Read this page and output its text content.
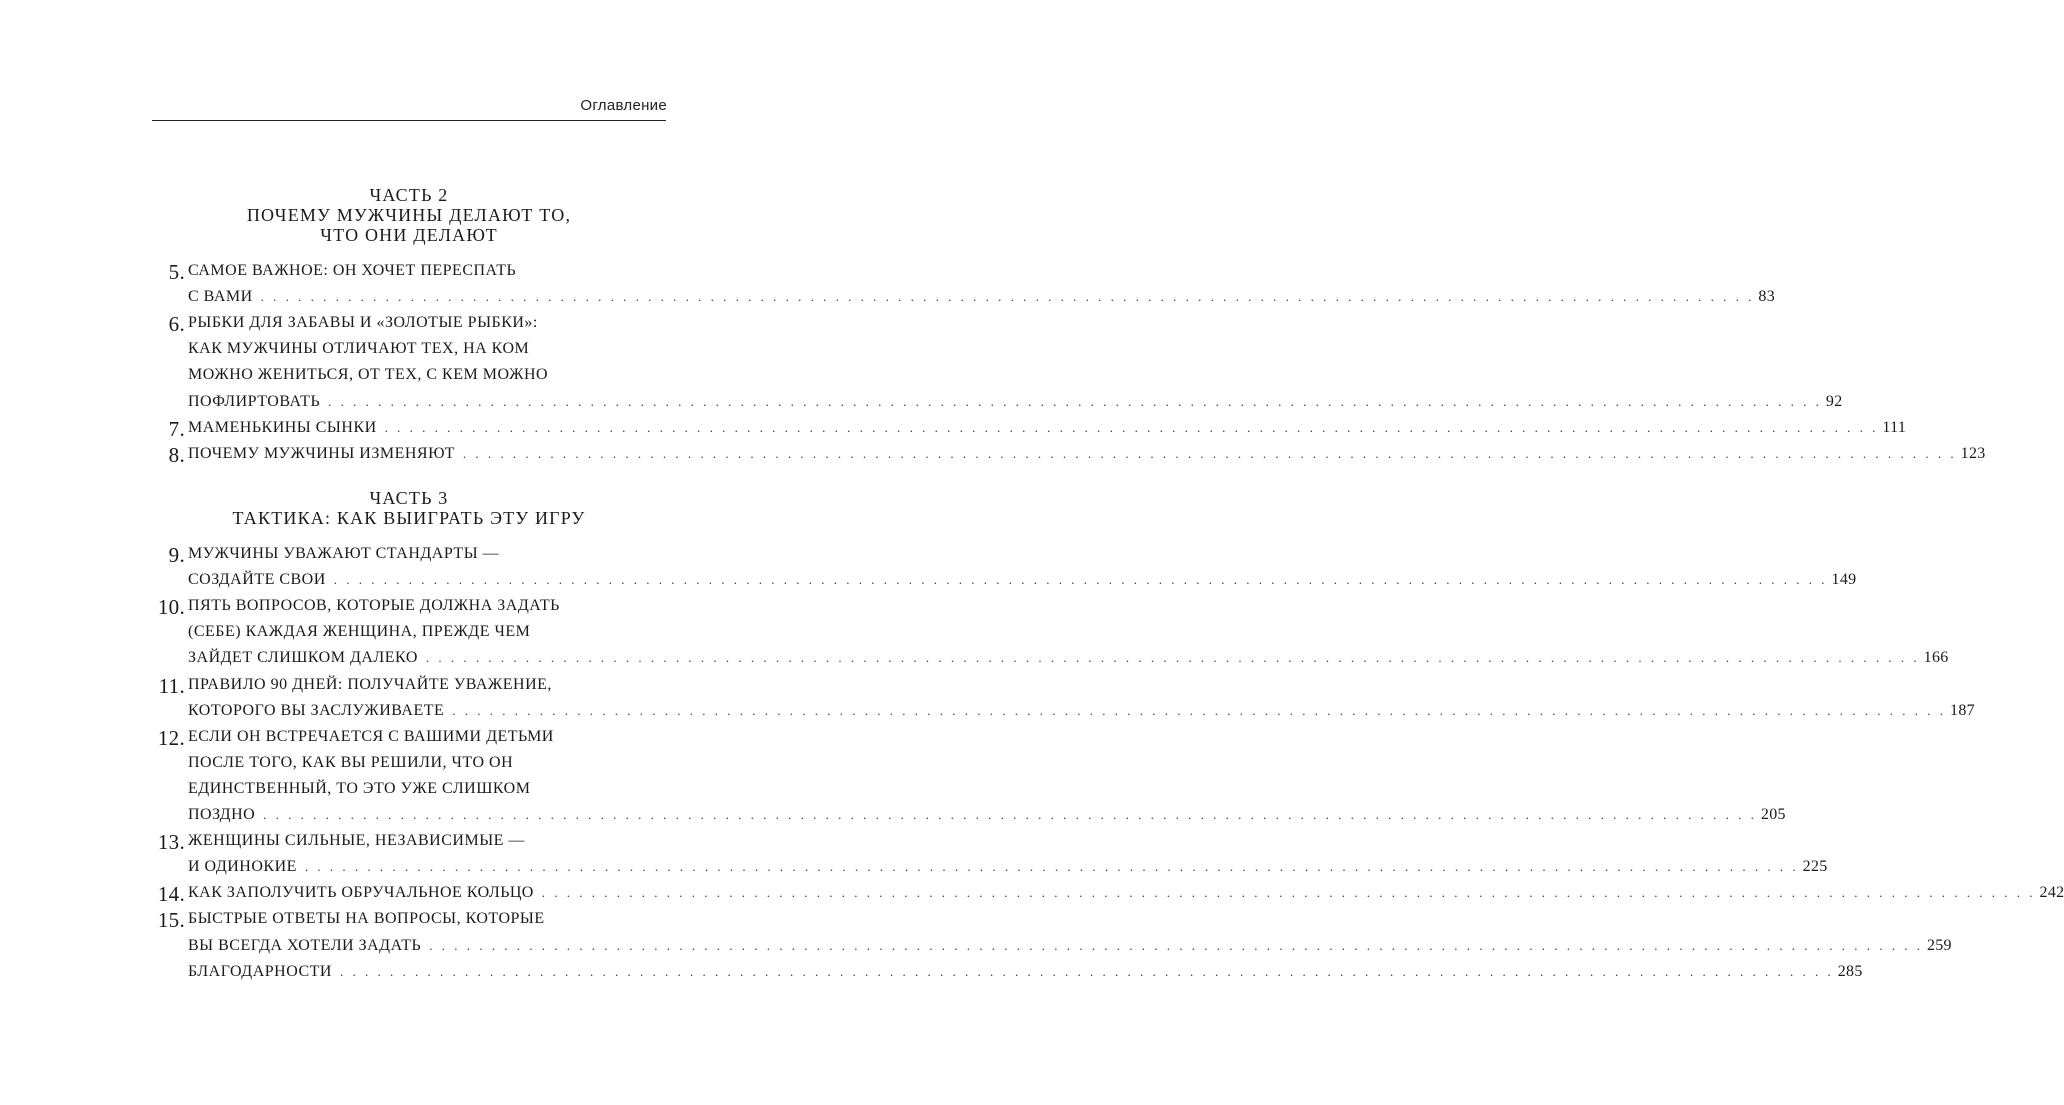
Оглавление
ЧАСТЬ 2
ПОЧЕМУ МУЖЧИНЫ ДЕЛАЮТ ТО,
ЧТО ОНИ ДЕЛАЮТ
ЧАСТЬ 3
ТАКТИКА: КАК ВЫИГРАТЬ ЭТУ ИГРУ
5. САМОЕ ВАЖНОЕ: ОН ХОЧЕТ ПЕРЕСПАТЬ
С ВАМИ . . . . . . . . . . . . . . . . . . . . . . . . . . . . . . . . . . . . . . . . . . . . . . . . . . . . . . . . . . . . . . . . . . . . . . . . . . . . . . . . . . . . . . . . . . . . . . . . . . . . . . . . . . . . . . . . . . . . . . . . 83
6. РЫБКИ ДЛЯ ЗАБАВЫ И «ЗОЛОТЫЕ РЫБКИ»:
КАК МУЖЧИНЫ ОТЛИЧАЮТ ТЕХ, НА КОМ
МОЖНО ЖЕНИТЬСЯ, ОТ ТЕХ, С КЕМ МОЖНО
ПОФЛИРТОВАТЬ . . . . . . . . . . . . . . . . . . . . . . . . . . . . . . . . . . . . . . . . . . . . . . . . . . . . . . . . . . . . . . . . . . . . . . . . . . . . . . . . . . . . . . . . . . . . . . . . . . . . . . . . . . . . . . . . . . . . . . . . 92
7. МАМЕНЬКИНЫ СЫНКИ . . . . . . . . . . . . . . . . . . . . . . . . . . . . . . . . . . . . . . . . . . . . . . . . . . . . . . . . . . . . . . . . . . . . . . . . . . . . . . . . . . . . . . . . . . . . . . . . . . . . . . . . . . . . . . . . . . . . . . . . 111
8. ПОЧЕМУ МУЖЧИНЫ ИЗМЕНЯЮТ . . . . . . . . . . . . . . . . . . . . . . . . . . . . . . . . . . . . . . . . . . . . . . . . . . . . . . . . . . . . . . . . . . . . . . . . . . . . . . . . . . . . . . . . . . . . . . . . . . . . . . . . . . . . . . . . . . . . . . . . 123
9. МУЖЧИНЫ УВАЖАЮТ СТАНДАРТЫ —
СОЗДАЙТЕ СВОИ . . . . . . . . . . . . . . . . . . . . . . . . . . . . . . . . . . . . . . . . . . . . . . . . . . . . . . . . . . . . . . . . . . . . . . . . . . . . . . . . . . . . . . . . . . . . . . . . . . . . . . . . . . . . . . . . . . . . . . . . 149
10. ПЯТЬ ВОПРОСОВ, КОТОРЫЕ ДОЛЖНА ЗАДАТЬ
(СЕБЕ) КАЖДАЯ ЖЕНЩИНА, ПРЕЖДЕ ЧЕМ
ЗАЙДЕТ СЛИШКОМ ДАЛЕКО . . . . . . . . . . . . . . . . . . . . . . . . . . . . . . . . . . . . . . . . . . . . . . . . . . . . . . . . . . . . . . . . . . . . . . . . . . . . . . . . . . . . . . . . . . . . . . . . . . . . . . . . . . . . . . . . . . . . . . . . 166
11. ПРАВИЛО 90 ДНЕЙ: ПОЛУЧАЙТЕ УВАЖЕНИЕ,
КОТОРОГО ВЫ ЗАСЛУЖИВАЕТЕ . . . . . . . . . . . . . . . . . . . . . . . . . . . . . . . . . . . . . . . . . . . . . . . . . . . . . . . . . . . . . . . . . . . . . . . . . . . . . . . . . . . . . . . . . . . . . . . . . . . . . . . . . . . . . . . . . . . . . . . . 187
12. ЕСЛИ ОН ВСТРЕЧАЕТСЯ С ВАШИМИ ДЕТЬМИ
ПОСЛЕ ТОГО, КАК ВЫ РЕШИЛИ, ЧТО ОН
ЕДИНСТВЕННЫЙ, ТО ЭТО УЖЕ СЛИШКОМ
ПОЗДНО . . . . . . . . . . . . . . . . . . . . . . . . . . . . . . . . . . . . . . . . . . . . . . . . . . . . . . . . . . . . . . . . . . . . . . . . . . . . . . . . . . . . . . . . . . . . . . . . . . . . . . . . . . . . . . . . . . . . . . . . 205
13. ЖЕНЩИНЫ СИЛЬНЫЕ, НЕЗАВИСИМЫЕ —
И ОДИНОКИЕ . . . . . . . . . . . . . . . . . . . . . . . . . . . . . . . . . . . . . . . . . . . . . . . . . . . . . . . . . . . . . . . . . . . . . . . . . . . . . . . . . . . . . . . . . . . . . . . . . . . . . . . . . . . . . . . . . . . . . . . . 225
14. КАК ЗАПОЛУЧИТЬ ОБРУЧАЛЬНОЕ КОЛЬЦО . . . . . . . . . . . . . . . . . . . . . . . . . . . . . . . . . . . . . . . . . . . . . . . . . . . . . . . . . . . . . . . . . . . . . . . . . . . . . . . . . . . . . . . . . . . . . . . . . . . . . . . . . . . . . . . . . . . . . . . . 242
15. БЫСТРЫЕ ОТВЕТЫ НА ВОПРОСЫ, КОТОРЫЕ
ВЫ ВСЕГДА ХОТЕЛИ ЗАДАТЬ . . . . . . . . . . . . . . . . . . . . . . . . . . . . . . . . . . . . . . . . . . . . . . . . . . . . . . . . . . . . . . . . . . . . . . . . . . . . . . . . . . . . . . . . . . . . . . . . . . . . . . . . . . . . . . . . . . . . . . . . 259
БЛАГОДАРНОСТИ . . . . . . . . . . . . . . . . . . . . . . . . . . . . . . . . . . . . . . . . . . . . . . . . . . . . . . . . . . . . . . . . . . . . . . . . . . . . . . . . . . . . . . . . . . . . . . . . . . . . . . . . . . . . . . . . . . . . . . . . 285
